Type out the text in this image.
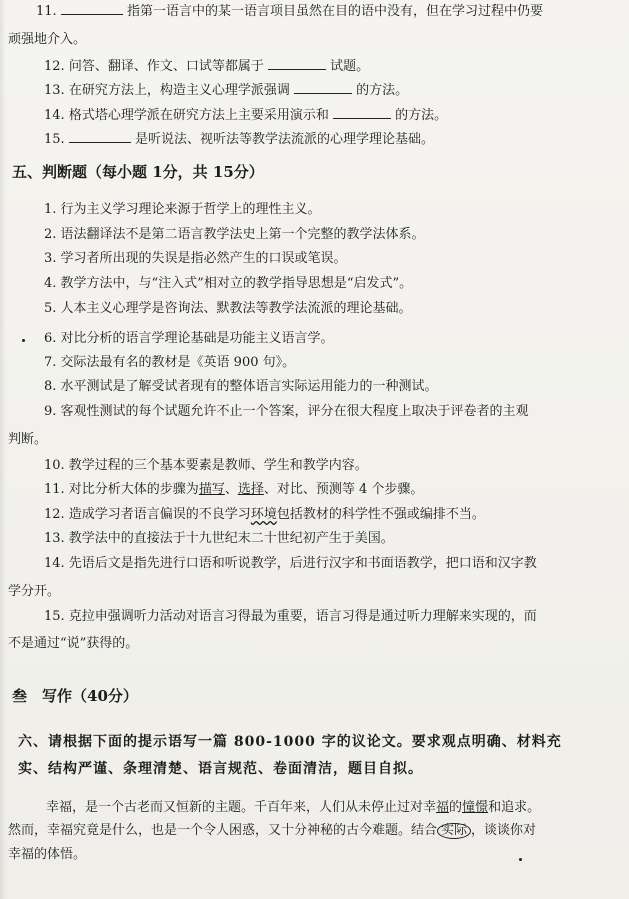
11.	指第一语言中的某一语言项目虽然在目的语中没有，但在学习过程中仍要
顽强地介入。
12. 问答、翻译、作文、口试等都属于	试题。
13. 在研究方法上，构造主义心理学派强调	的方法。
14. 格式塔心理学派在研究方法上主要采用演示和	的方法。
15.	是听说法、视听法等教学法流派的心理学理论基础。
五、判断题（每小题 1分，共 15分）
1. 行为主义学习理论来源于哲学上的理性主义。
2. 语法翻译法不是第二语言教学法史上第一个完整的教学法体系。
3. 学习者所出现的失误是指必然产生的口误或笔误。
4. 教学方法中，与“注入式”相对立的教学指导思想是“启发式”。
5. 人本主义心理学是咨询法、默教法等教学法流派的理论基础。
6. 对比分析的语言学理论基础是功能主义语言学。
7. 交际法最有名的教材是《英语 900 句》。
8. 水平测试是了解受试者现有的整体语言实际运用能力的一种测试。
9. 客观性测试的每个试题允许不止一个答案，评分在很大程度上取决于评卷者的主观
判断。
10. 教学过程的三个基本要素是教师、学生和教学内容。
11. 对比分析大体的步骤为描写、选择、对比、预测等 4 个步骤。
12. 造成学习者语言偏误的不良学习环境包括教材的科学性不强或编排不当。
13. 教学法中的直接法于十九世纪末二十世纪初产生于美国。
14. 先语后文是指先进行口语和听说教学，后进行汉字和书面语教学，把口语和汉字教
学分开。
15. 克拉申强调听力活动对语言习得最为重要，语言习得是通过听力理解来实现的，而
不是通过“说”获得的。
叁　写作（40分）
六、请根据下面的提示语写一篇 800-1000 字的议论文。要求观点明确、材料充
实、结构严谨、条理清楚、语言规范、卷面清洁，题目自拟。
幸福，是一个古老而又恒新的主题。千百年来，人们从未停止过对幸福的憧憬和追求。
然而，幸福究竟是什么，也是一个令人困惑，又十分神秘的古今难题。结合 实际 ，谈谈你对
幸福的体悟。
